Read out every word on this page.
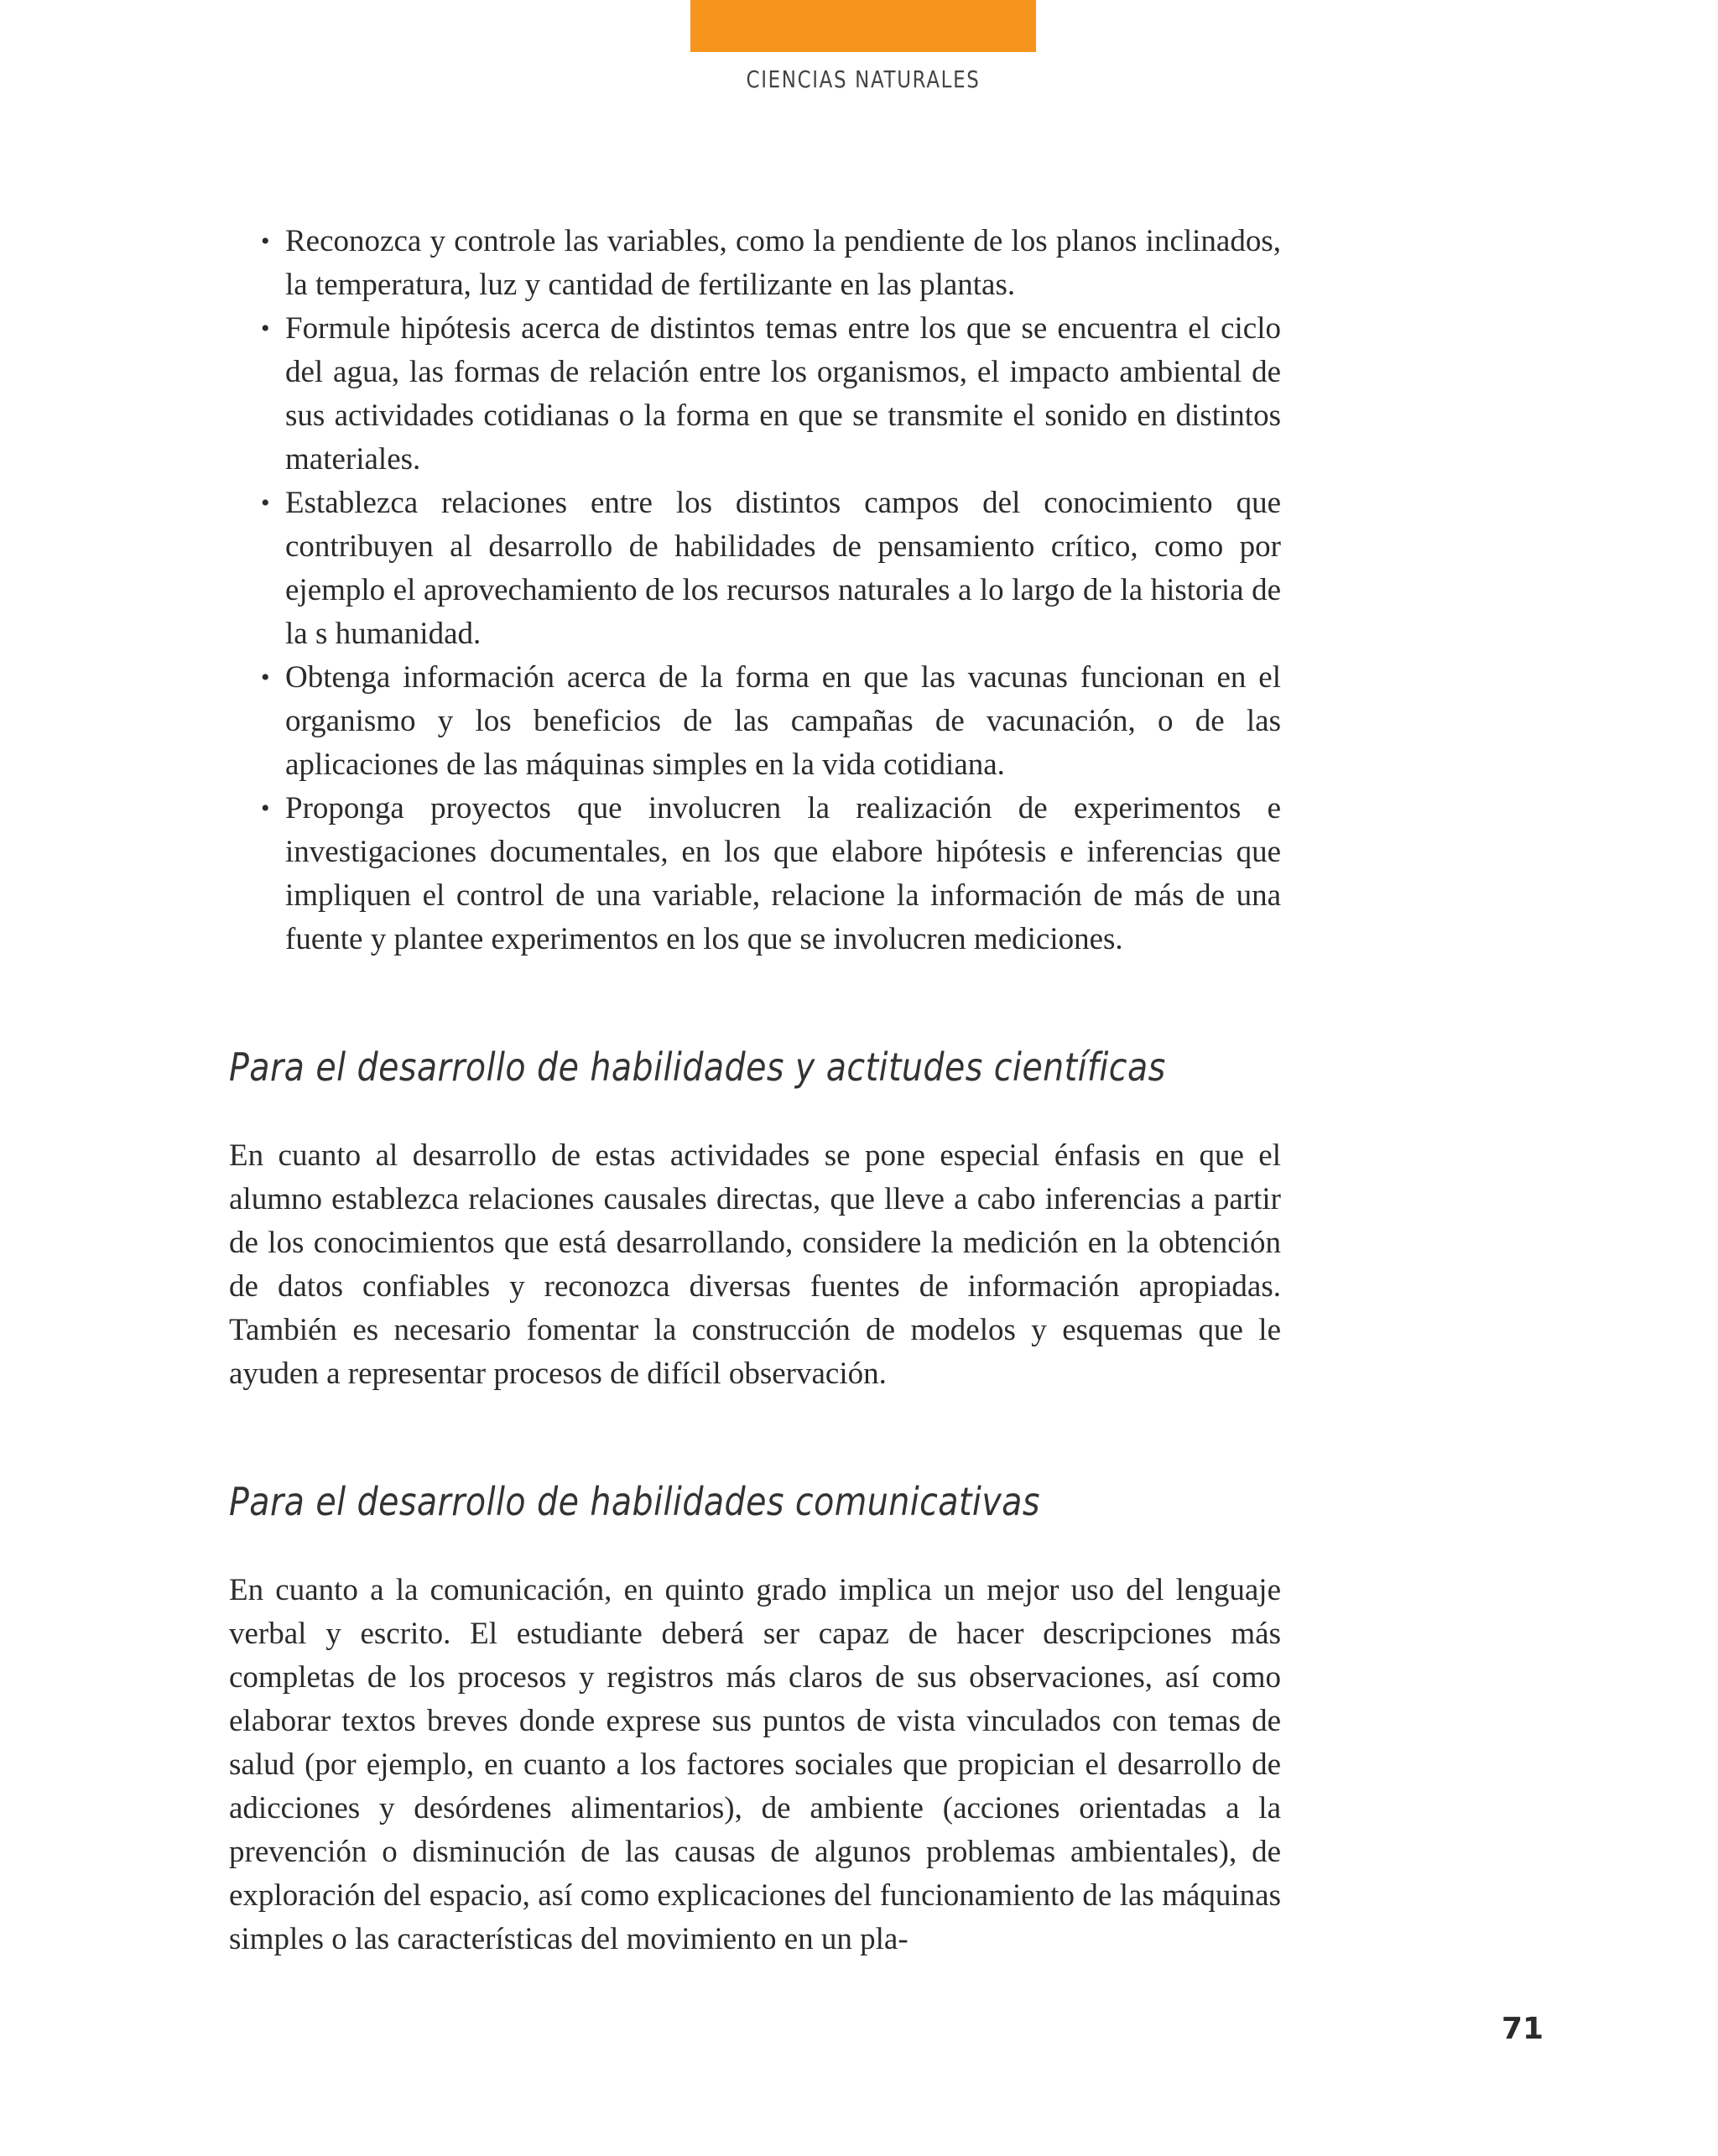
CIENCIAS NATURALES
• Reconozca y controle las variables, como la pendiente de los planos inclinados, la temperatura, luz y cantidad de fertilizante en las plantas.
• Formule hipótesis acerca de distintos temas entre los que se encuentra el ciclo del agua, las formas de relación entre los organismos, el impacto ambiental de sus actividades cotidianas o la forma en que se transmite el sonido en distintos materiales.
• Establezca relaciones entre los distintos campos del conocimiento que contribuyen al desarrollo de habilidades de pensamiento crítico, como por ejemplo el aprovechamiento de los recursos naturales a lo largo de la historia de la s humanidad.
• Obtenga información acerca de la forma en que las vacunas funcionan en el organismo y los beneficios de las campañas de vacunación, o de las aplicaciones de las máquinas simples en la vida cotidiana.
• Proponga proyectos que involucren la realización de experimentos e investigaciones documentales, en los que elabore hipótesis e inferencias que impliquen el control de una variable, relacione la información de más de una fuente y plantee experimentos en los que se involucren mediciones.
Para el desarrollo de habilidades y actitudes científicas

En cuanto al desarrollo de estas actividades se pone especial énfasis en que el alumno establezca relaciones causales directas, que lleve a cabo inferencias a partir de los conocimientos que está desarrollando, considere la medición en la obtención de datos confiables y reconozca diversas fuentes de información apropiadas. También es necesario fomentar la construcción de modelos y esquemas que le ayuden a representar procesos de difícil observación.

Para el desarrollo de habilidades comunicativas

En cuanto a la comunicación, en quinto grado implica un mejor uso del lenguaje verbal y escrito. El estudiante deberá ser capaz de hacer descripciones más completas de los procesos y registros más claros de sus observaciones, así como elaborar textos breves donde exprese sus puntos de vista vinculados con temas de salud (por ejemplo, en cuanto a los factores sociales que propician el desarrollo de adicciones y desórdenes alimentarios), de ambiente (acciones orientadas a la prevención o disminución de las causas de algunos problemas ambientales), de exploración del espacio, así como explicaciones del funcionamiento de las máquinas simples o las características del movimiento en un pla-

71
